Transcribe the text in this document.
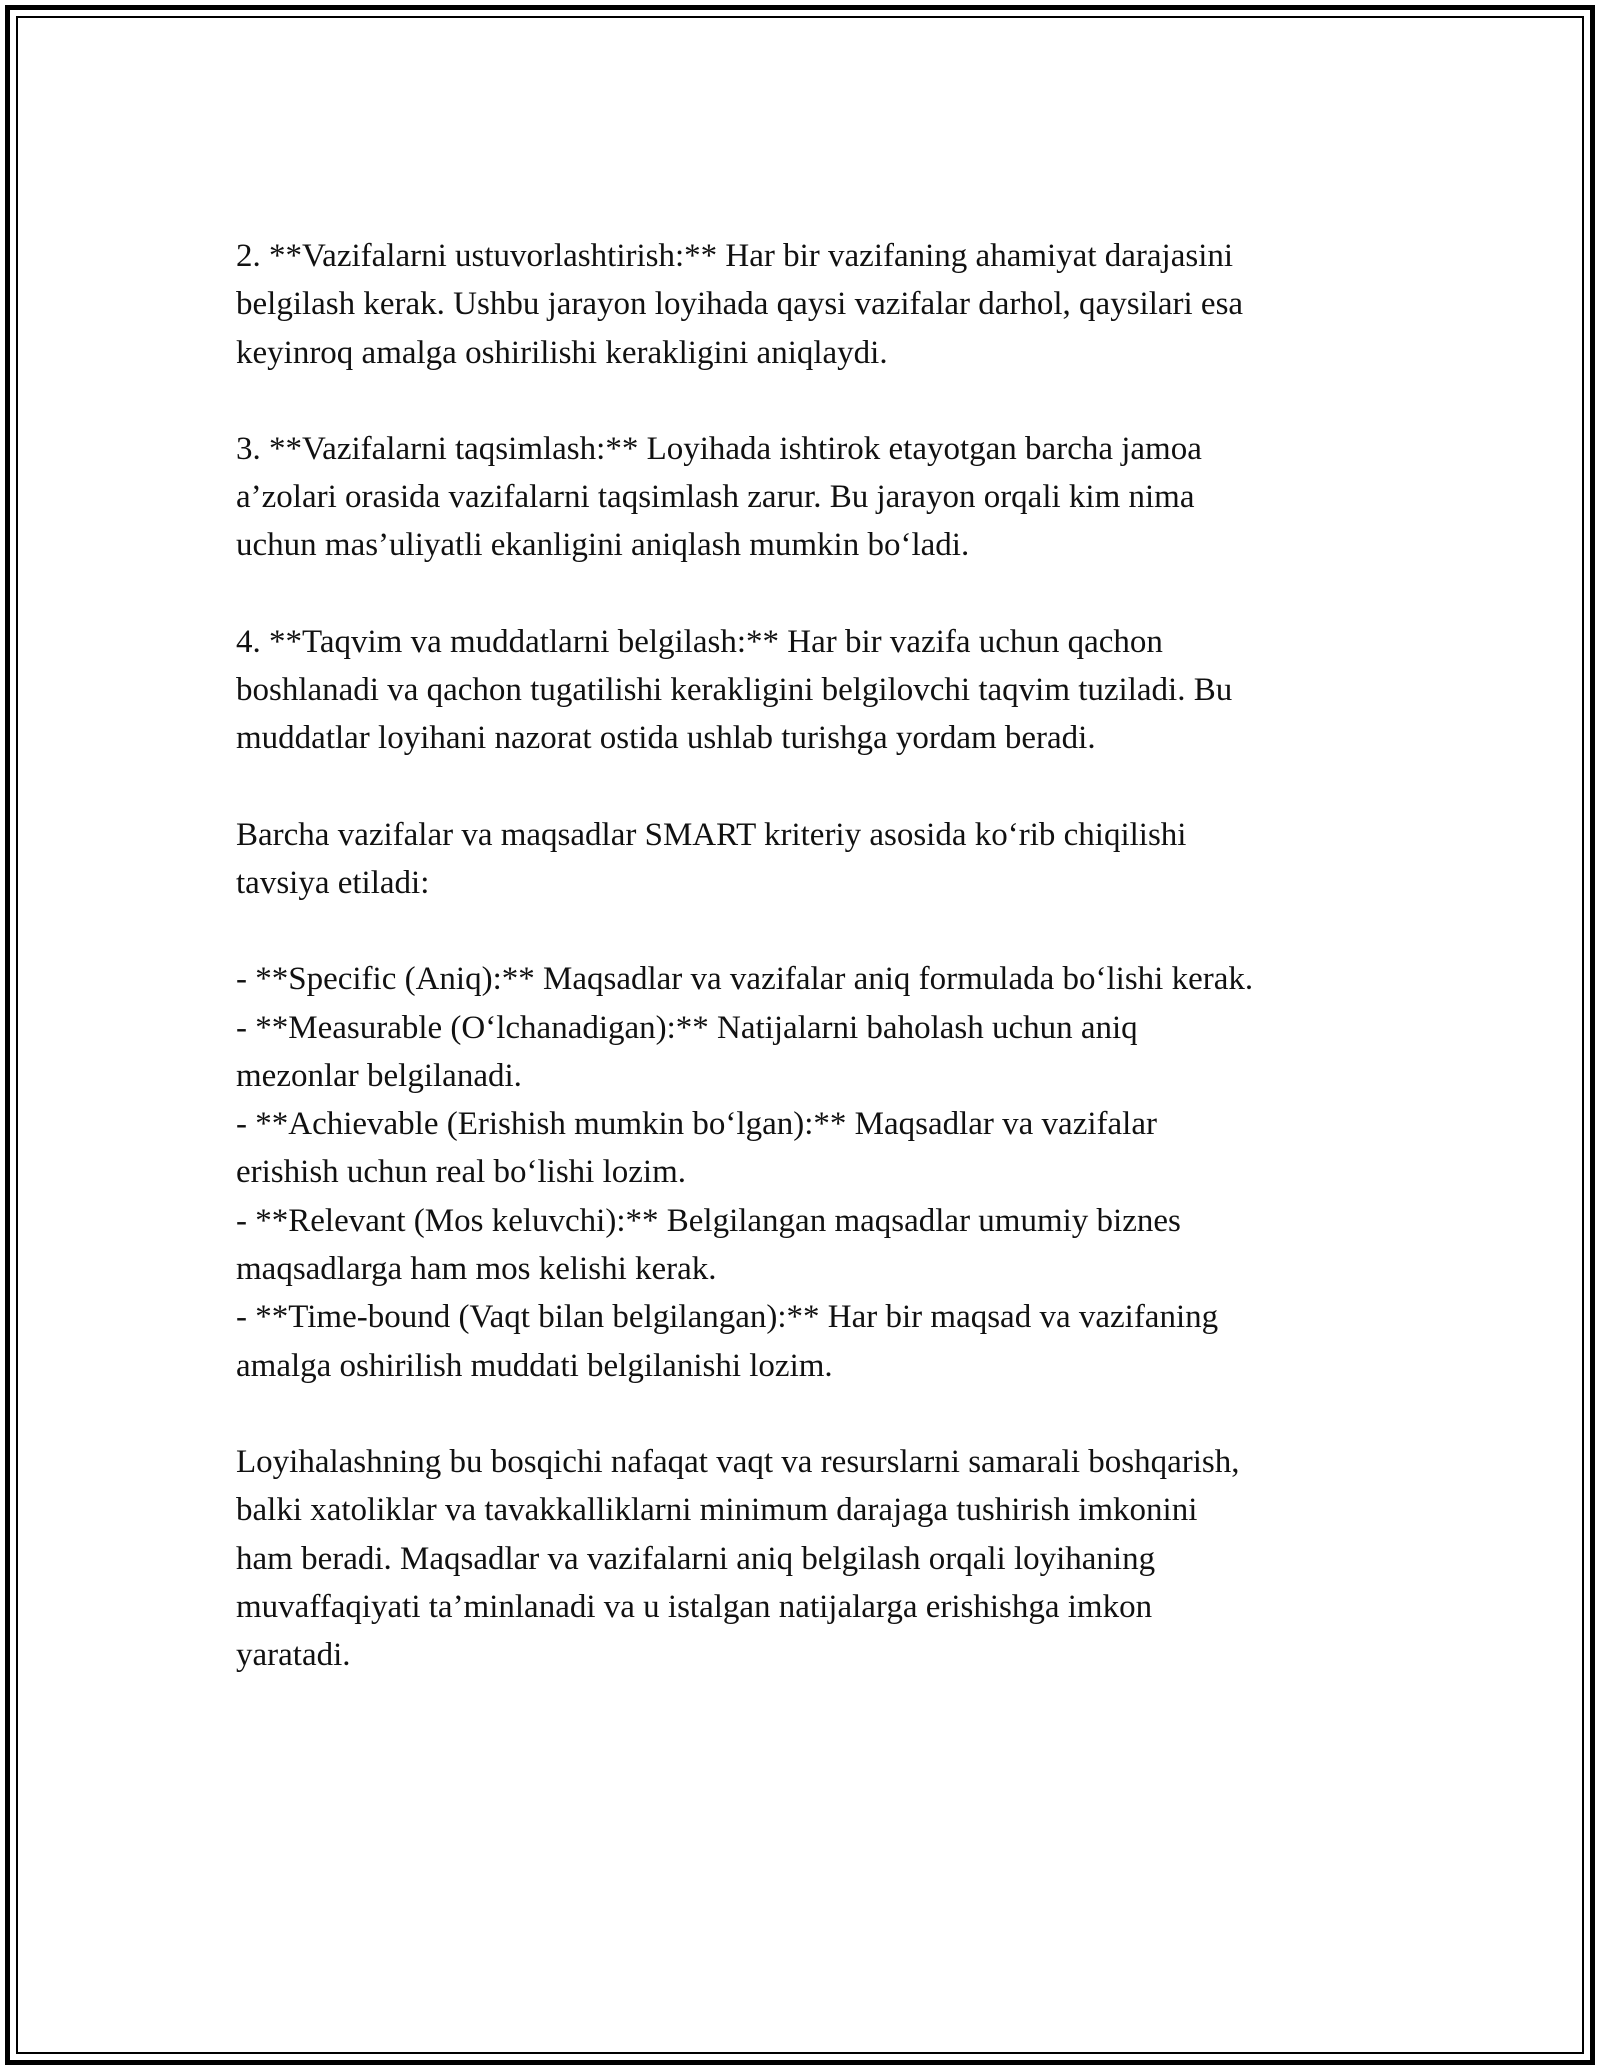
2. **Vazifalarni ustuvorlashtirish:** Har bir vazifaning ahamiyat darajasini
belgilash kerak. Ushbu jarayon loyihada qaysi vazifalar darhol, qaysilari esa
keyinroq amalga oshirilishi kerakligini aniqlaydi.

3. **Vazifalarni taqsimlash:** Loyihada ishtirok etayotgan barcha jamoa
a’zolari orasida vazifalarni taqsimlash zarur. Bu jarayon orqali kim nima
uchun mas’uliyatli ekanligini aniqlash mumkin bo‘ladi.

4. **Taqvim va muddatlarni belgilash:** Har bir vazifa uchun qachon
boshlanadi va qachon tugatilishi kerakligini belgilovchi taqvim tuziladi. Bu
muddatlar loyihani nazorat ostida ushlab turishga yordam beradi.

Barcha vazifalar va maqsadlar SMART kriteriy asosida ko‘rib chiqilishi
tavsiya etiladi:

- **Specific (Aniq):** Maqsadlar va vazifalar aniq formulada bo‘lishi kerak.
- **Measurable (O‘lchanadigan):** Natijalarni baholash uchun aniq
mezonlar belgilanadi.
- **Achievable (Erishish mumkin bo‘lgan):** Maqsadlar va vazifalar
erishish uchun real bo‘lishi lozim.
- **Relevant (Mos keluvchi):** Belgilangan maqsadlar umumiy biznes
maqsadlarga ham mos kelishi kerak.
- **Time-bound (Vaqt bilan belgilangan):** Har bir maqsad va vazifaning
amalga oshirilish muddati belgilanishi lozim.

Loyihalashning bu bosqichi nafaqat vaqt va resurslarni samarali boshqarish,
balki xatoliklar va tavakkalliklarni minimum darajaga tushirish imkonini
ham beradi. Maqsadlar va vazifalarni aniq belgilash orqali loyihaning
muvaffaqiyati ta’minlanadi va u istalgan natijalarga erishishga imkon
yaratadi.
